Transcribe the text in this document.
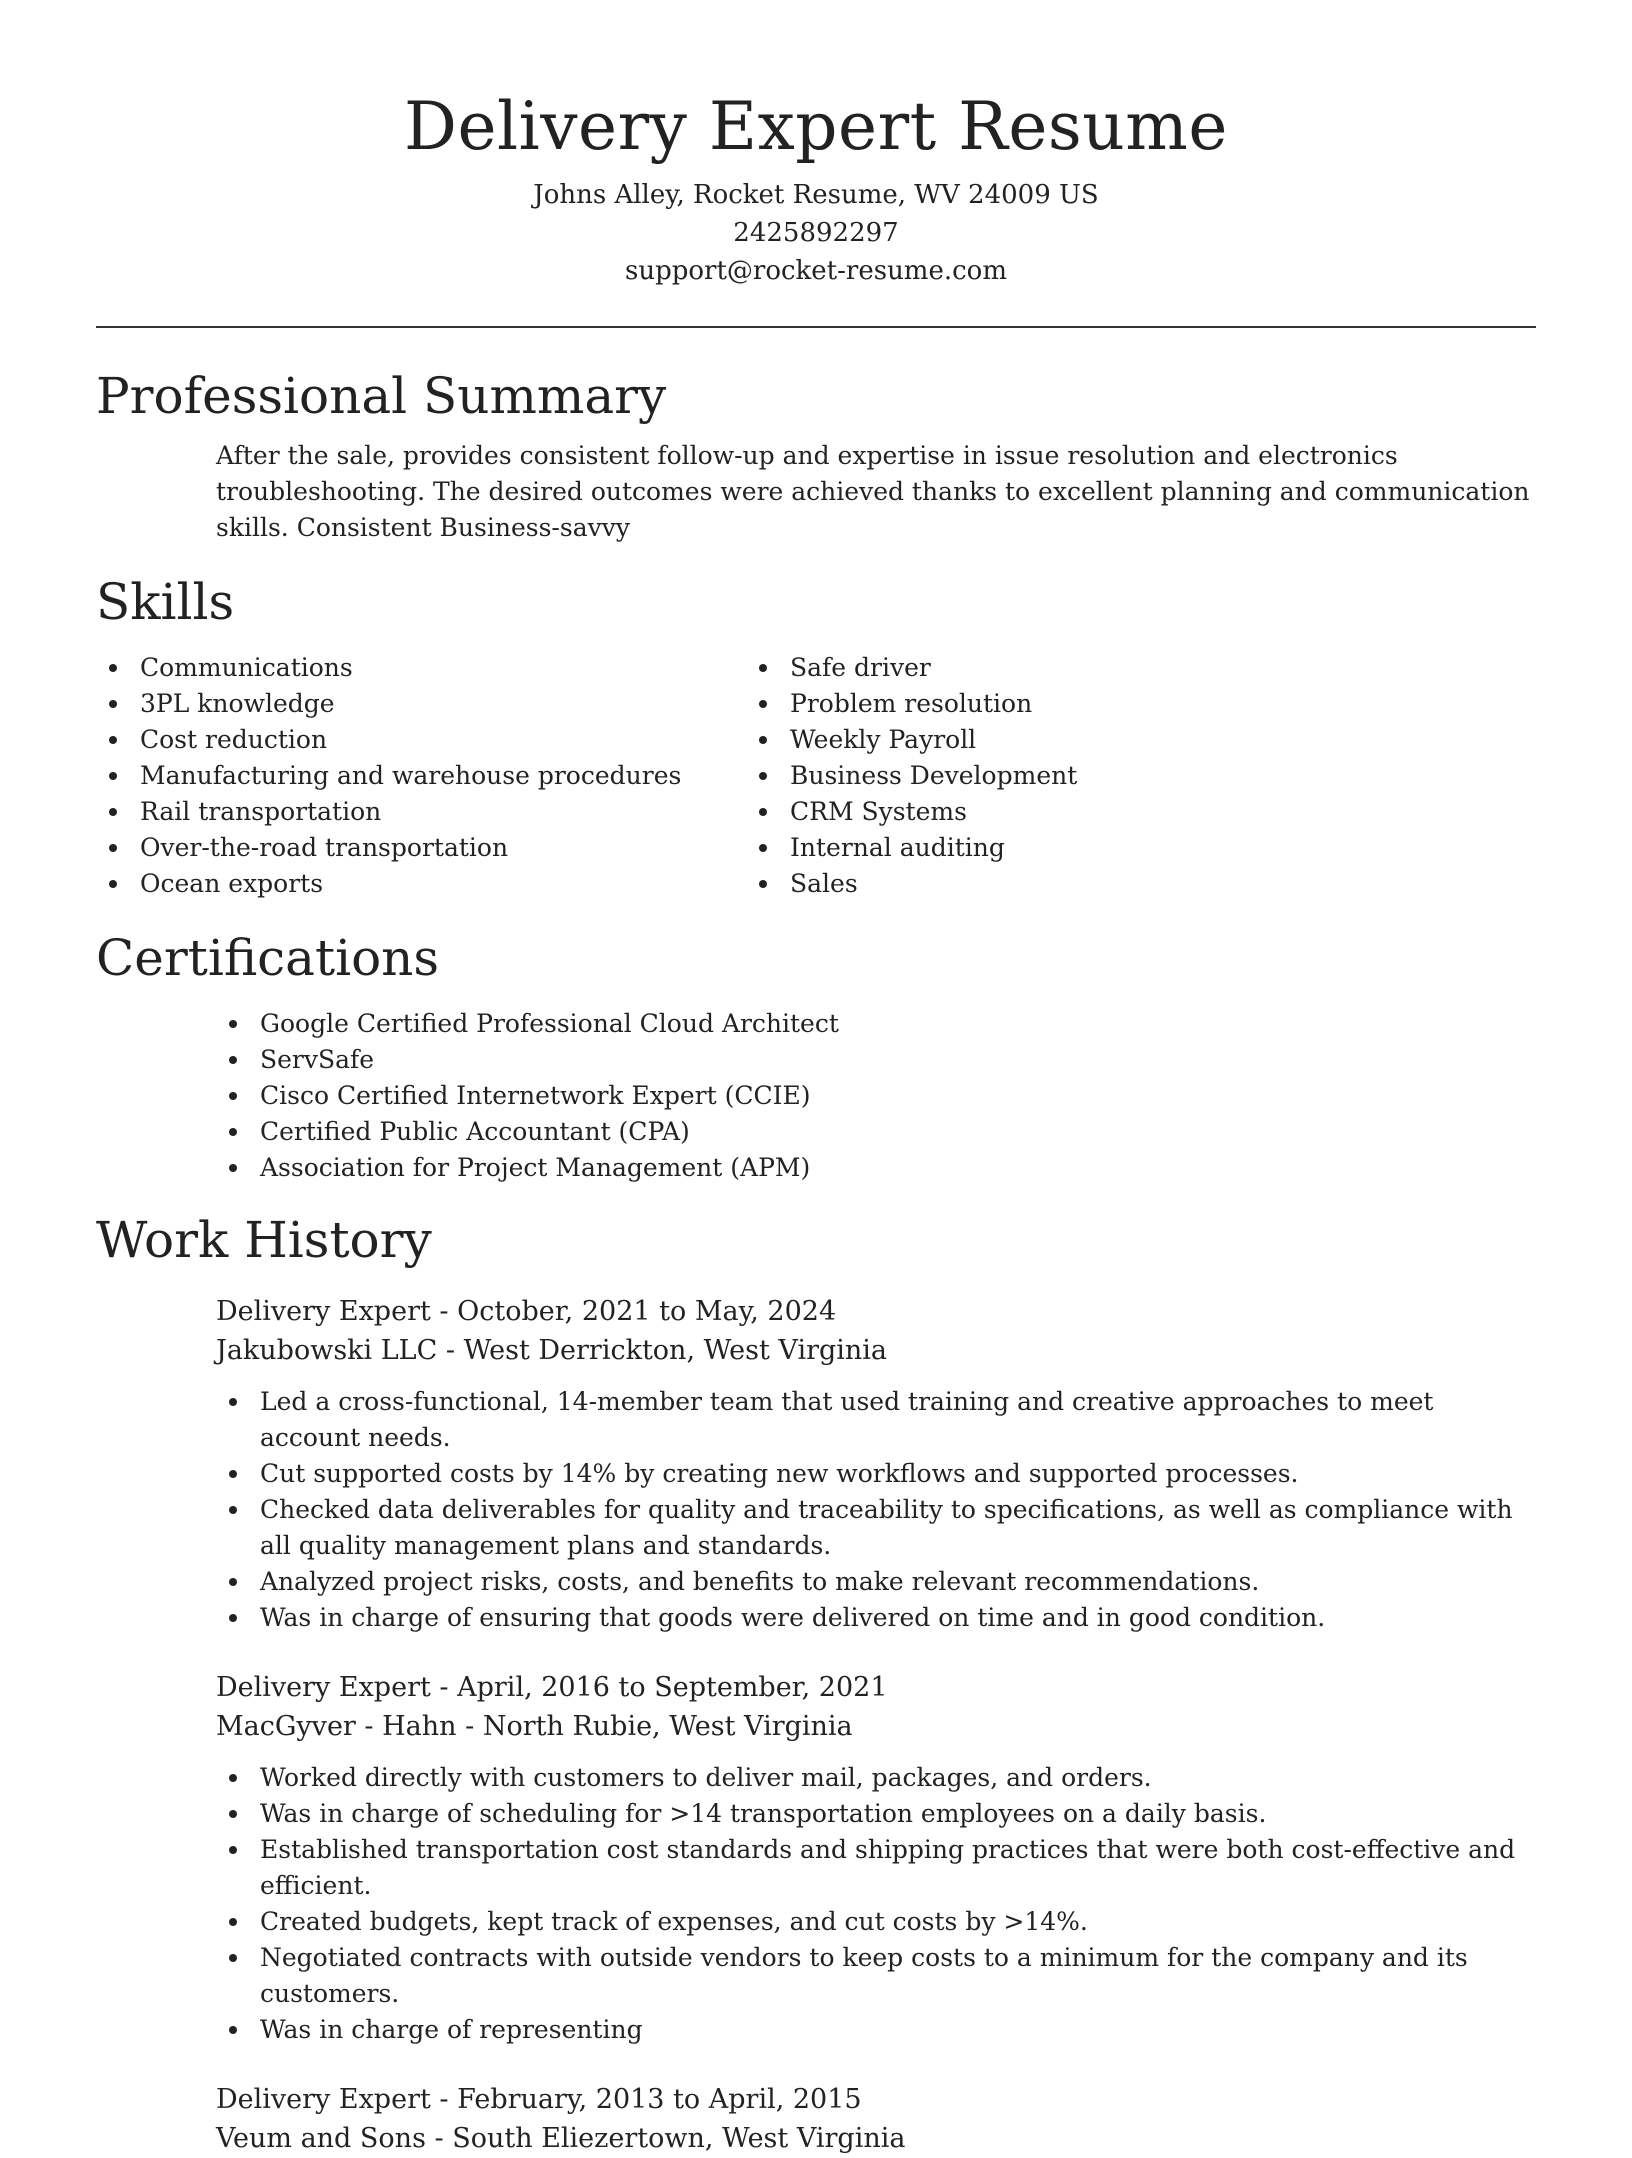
Delivery Expert Resume

Johns Alley, Rocket Resume, WV 24009 US

2425892297

support@rocket-resume.com

Professional Summary

After the sale, provides consistent follow-up and expertise in issue resolution and electronics troubleshooting. The desired outcomes were achieved thanks to excellent planning and communication skills. Consistent Business-savvy

Skills
Communications
3PL knowledge
Cost reduction
Manufacturing and warehouse procedures
Rail transportation
Over-the-road transportation
Ocean exports
Safe driver
Problem resolution
Weekly Payroll
Business Development
CRM Systems
Internal auditing
Sales
Certifications
Google Certified Professional Cloud Architect
ServSafe
Cisco Certified Internetwork Expert (CCIE)
Certified Public Accountant (CPA)
Association for Project Management (APM)
Work History

Delivery Expert - October, 2021 to May, 2024

Jakubowski LLC - West Derrickton, West Virginia

Led a cross-functional, 14-member team that used training and creative approaches to meet account needs.
Cut supported costs by 14% by creating new workflows and supported processes.
Checked data deliverables for quality and traceability to specifications, as well as compliance with all quality management plans and standards.
Analyzed project risks, costs, and benefits to make relevant recommendations.
Was in charge of ensuring that goods were delivered on time and in good condition.

Delivery Expert - April, 2016 to September, 2021

MacGyver - Hahn - North Rubie, West Virginia

Worked directly with customers to deliver mail, packages, and orders.
Was in charge of scheduling for >14 transportation employees on a daily basis.
Established transportation cost standards and shipping practices that were both cost-effective and efficient.
Created budgets, kept track of expenses, and cut costs by >14%.
Negotiated contracts with outside vendors to keep costs to a minimum for the company and its customers.
Was in charge of representing

Delivery Expert - February, 2013 to April, 2015

Veum and Sons - South Eliezertown, West Virginia
